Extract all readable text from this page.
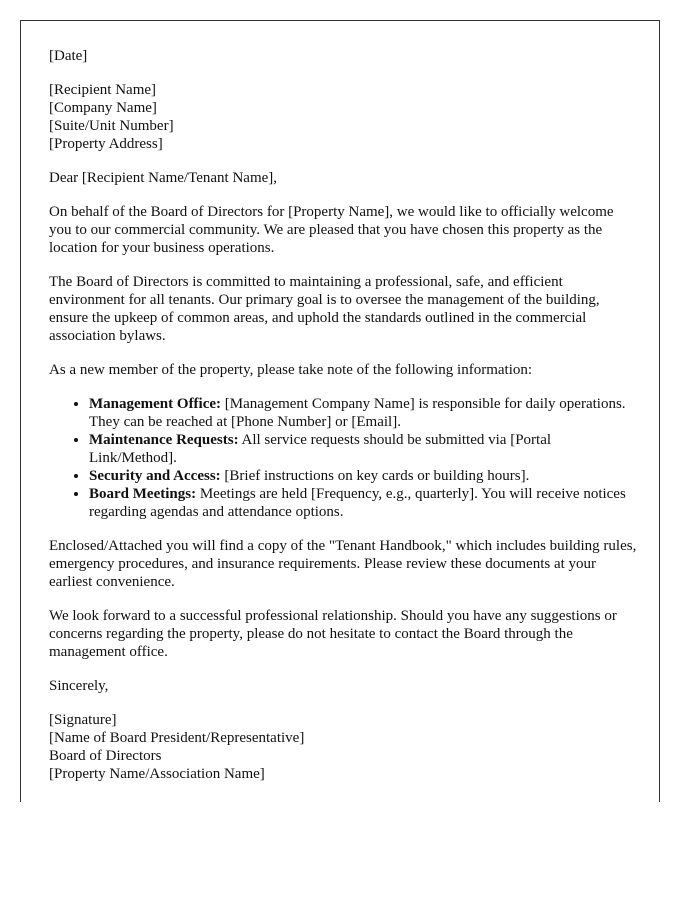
[Date]

[Recipient Name]

[Company Name]

[Suite/Unit Number]

[Property Address]

Dear [Recipient Name/Tenant Name],

On behalf of the Board of Directors for [Property Name], we would like to officially welcome you to our commercial community. We are pleased that you have chosen this property as the location for your business operations.

The Board of Directors is committed to maintaining a professional, safe, and efficient environment for all tenants. Our primary goal is to oversee the management of the building, ensure the upkeep of common areas, and uphold the standards outlined in the commercial association bylaws.

As a new member of the property, please take note of the following information:

• Management Office: [Management Company Name] is responsible for daily operations. They can be reached at [Phone Number] or [Email].
• Maintenance Requests: All service requests should be submitted via [Portal Link/Method].
• Security and Access: [Brief instructions on key cards or building hours].
• Board Meetings: Meetings are held [Frequency, e.g., quarterly]. You will receive notices regarding agendas and attendance options.

Enclosed/Attached you will find a copy of the "Tenant Handbook," which includes building rules, emergency procedures, and insurance requirements. Please review these documents at your earliest convenience.

We look forward to a successful professional relationship. Should you have any suggestions or concerns regarding the property, please do not hesitate to contact the Board through the management office.

Sincerely,

[Signature]

[Name of Board President/Representative]

Board of Directors

[Property Name/Association Name]
